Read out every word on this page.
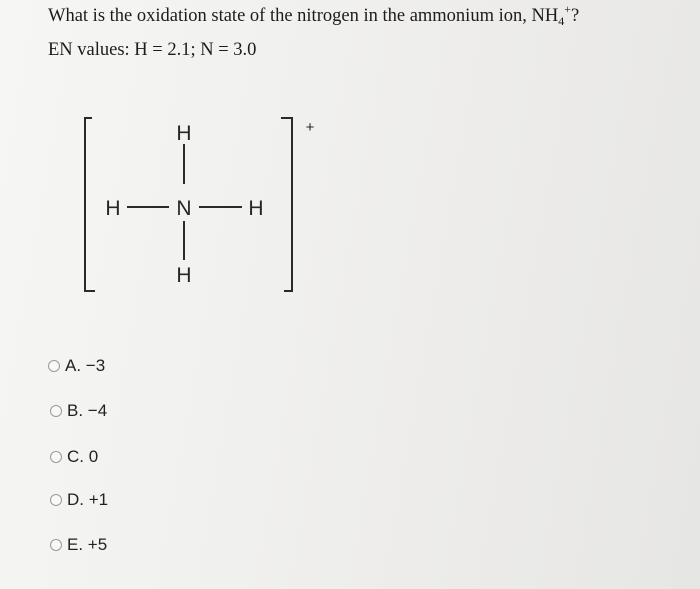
What is the oxidation state of the nitrogen in the ammonium ion, $NH_4^+$?
EN values: H = 2.1; N = 3.0
H
H	N	H
H
+
A. −3
B. −4
C. 0
D. +1
E. +5
